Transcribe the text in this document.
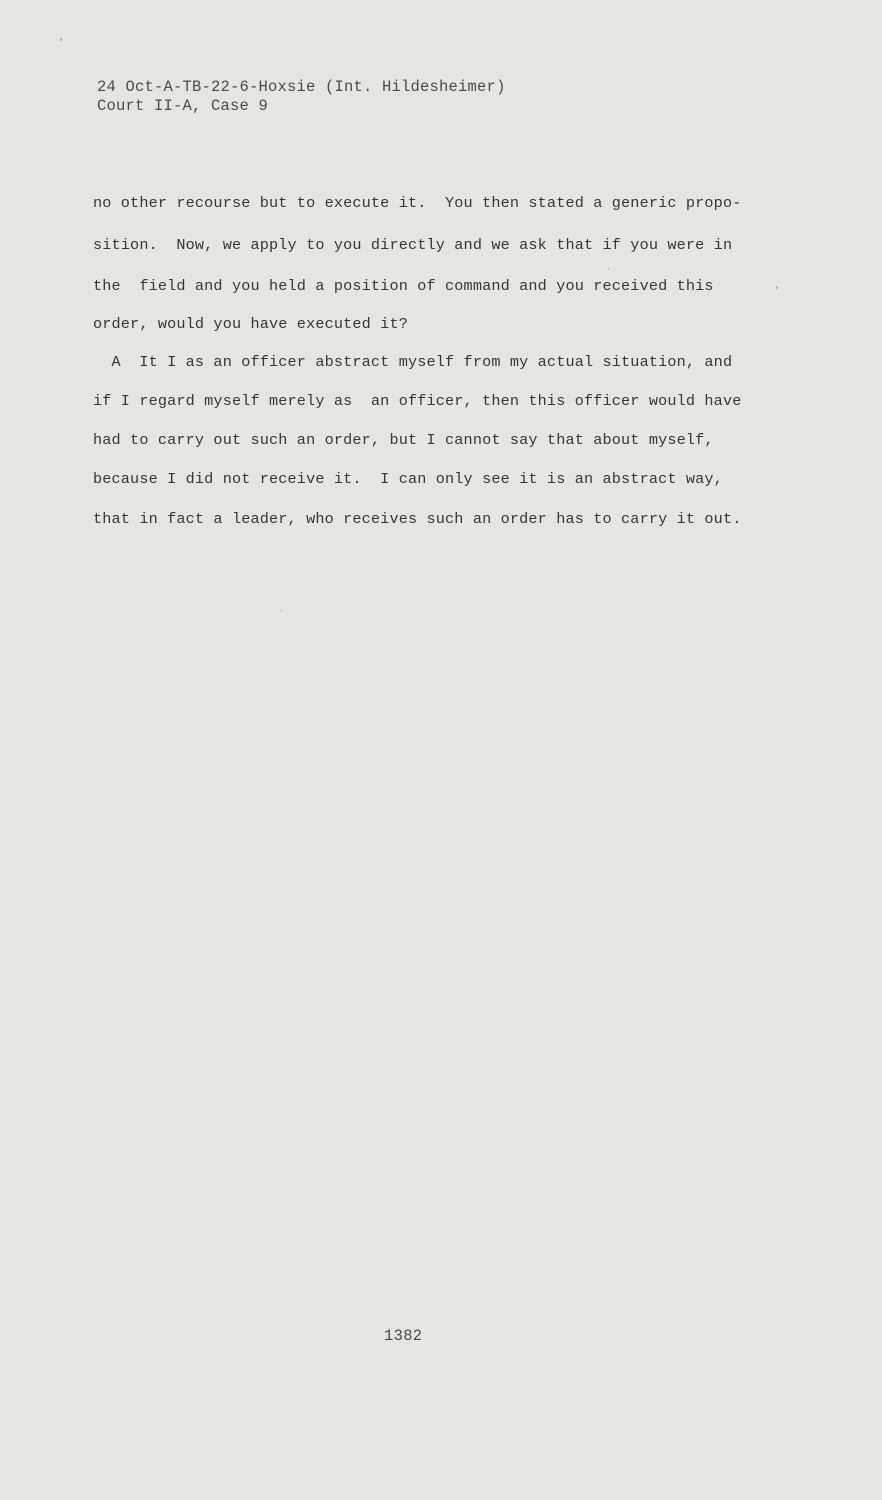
24 Oct-A-TB-22-6-Hoxsie (Int. Hildesheimer)
Court II-A, Case 9
no other recourse but to execute it.  You then stated a generic propo-
sition.  Now, we apply to you directly and we ask that if you were in
the  field and you held a position of command and you received this
order, would you have executed it?
A  It I as an officer abstract myself from my actual situation, and
if I regard myself merely as  an officer, then this officer would have
had to carry out such an order, but I cannot say that about myself,
because I did not receive it.  I can only see it is an abstract way,
that in fact a leader, who receives such an order has to carry it out.
1382
